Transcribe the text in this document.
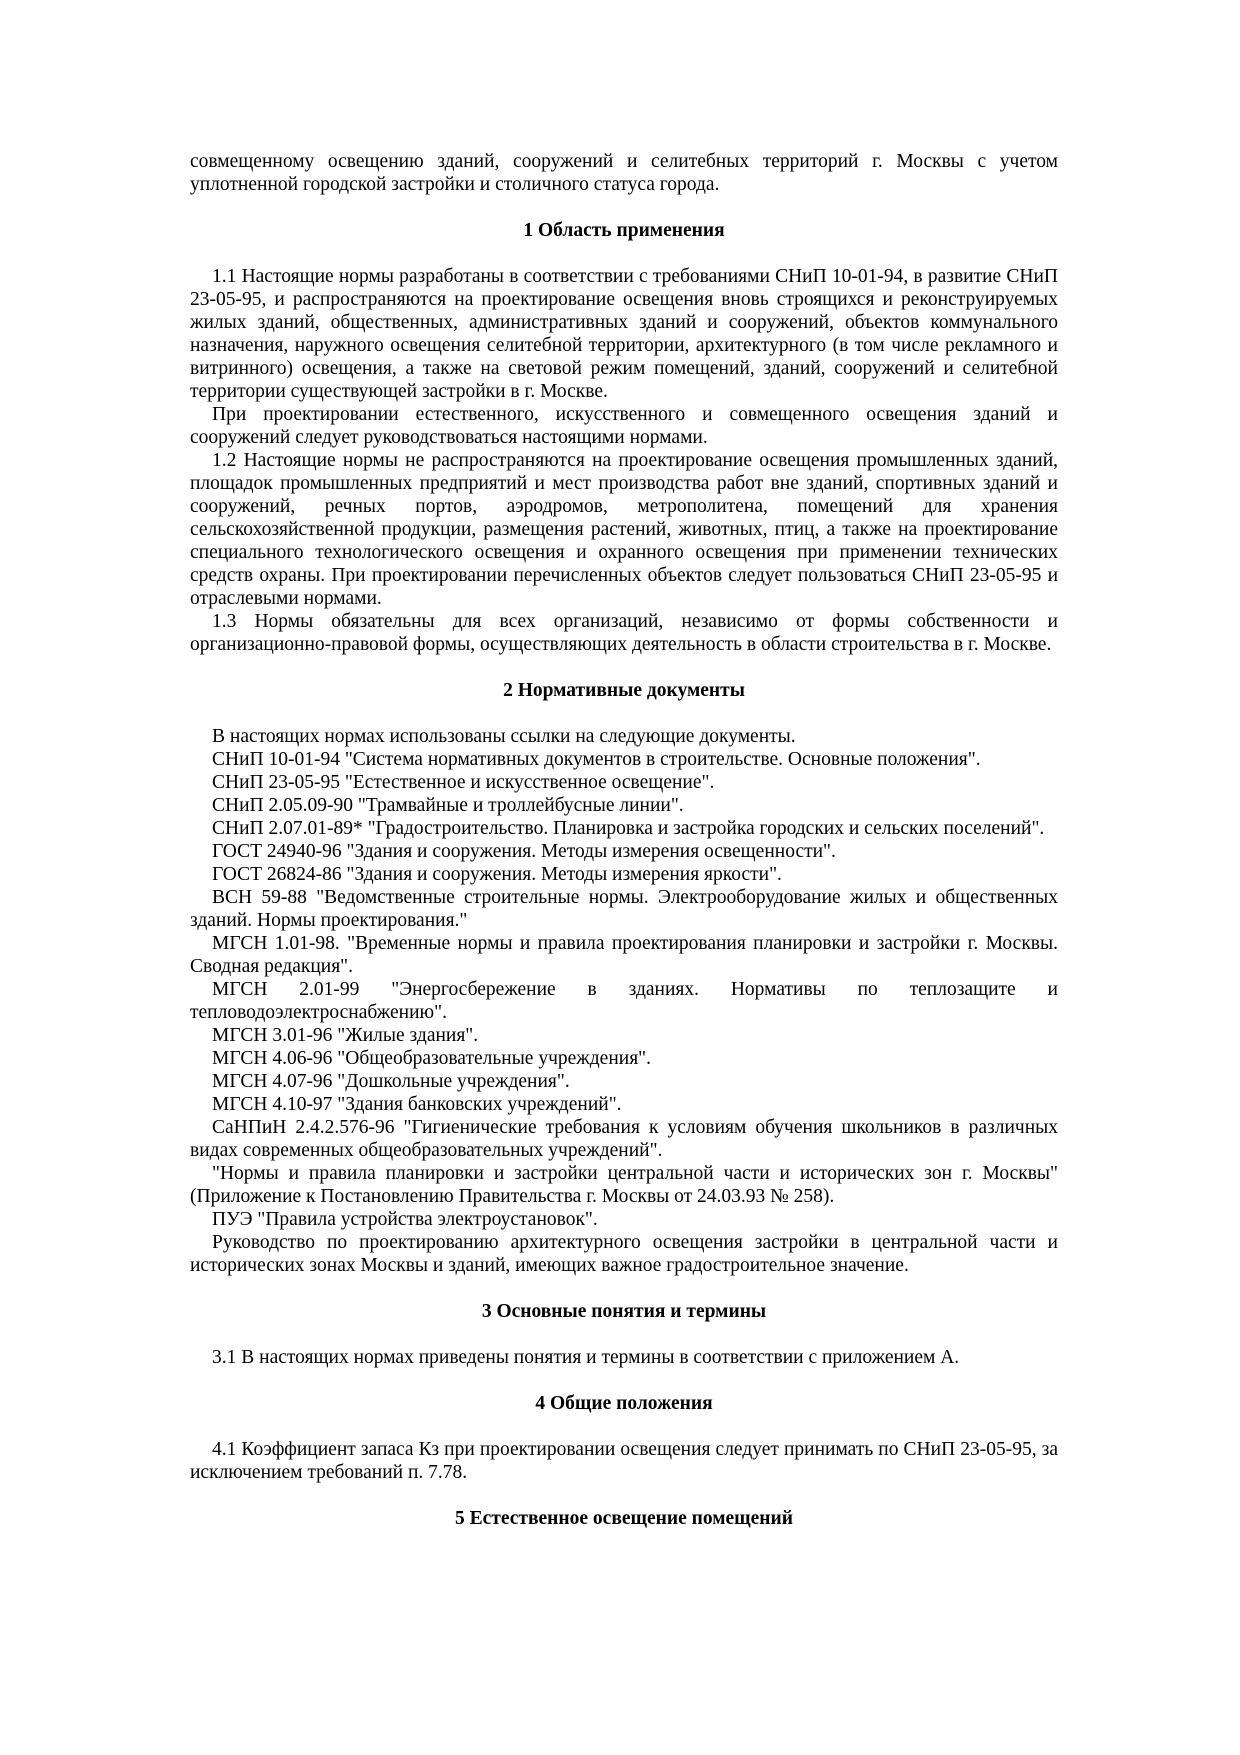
совмещенному освещению зданий, сооружений и селитебных территорий г. Москвы с учетом уплотненной городской застройки и столичного статуса города.

1 Область применения

1.1 Настоящие нормы разработаны в соответствии с требованиями СНиП 10-01-94, в развитие СНиП 23-05-95, и распространяются на проектирование освещения вновь строящихся и реконструируемых жилых зданий, общественных, административных зданий и сооружений, объектов коммунального назначения, наружного освещения селитебной территории, архитектурного (в том числе рекламного и витринного) освещения, а также на световой режим помещений, зданий, сооружений и селитебной территории существующей застройки в г. Москве.

При проектировании естественного, искусственного и совмещенного освещения зданий и сооружений следует руководствоваться настоящими нормами.

1.2 Настоящие нормы не распространяются на проектирование освещения промышленных зданий, площадок промышленных предприятий и мест производства работ вне зданий, спортивных зданий и сооружений, речных портов, аэродромов, метрополитена, помещений для хранения сельскохозяйственной продукции, размещения растений, животных, птиц, а также на проектирование специального технологического освещения и охранного освещения при применении технических средств охраны. При проектировании перечисленных объектов следует пользоваться СНиП 23-05-95 и отраслевыми нормами.

1.3 Нормы обязательны для всех организаций, независимо от формы собственности и организационно-правовой формы, осуществляющих деятельность в области строительства в г. Москве.

2 Нормативные документы

В настоящих нормах использованы ссылки на следующие документы.

СНиП 10-01-94 "Система нормативных документов в строительстве. Основные положения".

СНиП 23-05-95 "Естественное и искусственное освещение".

СНиП 2.05.09-90 "Трамвайные и троллейбусные линии".

СНиП 2.07.01-89* "Градостроительство. Планировка и застройка городских и сельских поселений".

ГОСТ 24940-96 "Здания и сооружения. Методы измерения освещенности".

ГОСТ 26824-86 "Здания и сооружения. Методы измерения яркости".

ВСН 59-88 "Ведомственные строительные нормы. Электрооборудование жилых и общественных зданий. Нормы проектирования."

МГСН 1.01-98. "Временные нормы и правила проектирования планировки и застройки г. Москвы. Сводная редакция".

МГСН 2.01-99 "Энергосбережение в зданиях. Нормативы по теплозащите и тепловодоэлектроснабжению".

МГСН 3.01-96 "Жилые здания".

МГСН 4.06-96 "Общеобразовательные учреждения".

МГСН 4.07-96 "Дошкольные учреждения".

МГСН 4.10-97 "Здания банковских учреждений".

СаНПиН 2.4.2.576-96 "Гигиенические требования к условиям обучения школьников в различных видах современных общеобразовательных учреждений".

"Нормы и правила планировки и застройки центральной части и исторических зон г. Москвы" (Приложение к Постановлению Правительства г. Москвы от 24.03.93 № 258).

ПУЭ "Правила устройства электроустановок".

Руководство по проектированию архитектурного освещения застройки в центральной части и исторических зонах Москвы и зданий, имеющих важное градостроительное значение.

3 Основные понятия и термины

3.1 В настоящих нормах приведены понятия и термины в соответствии с приложением А.

4 Общие положения

4.1 Коэффициент запаса Кз при проектировании освещения следует принимать по СНиП 23-05-95, за исключением требований п. 7.78.

5 Естественное освещение помещений
